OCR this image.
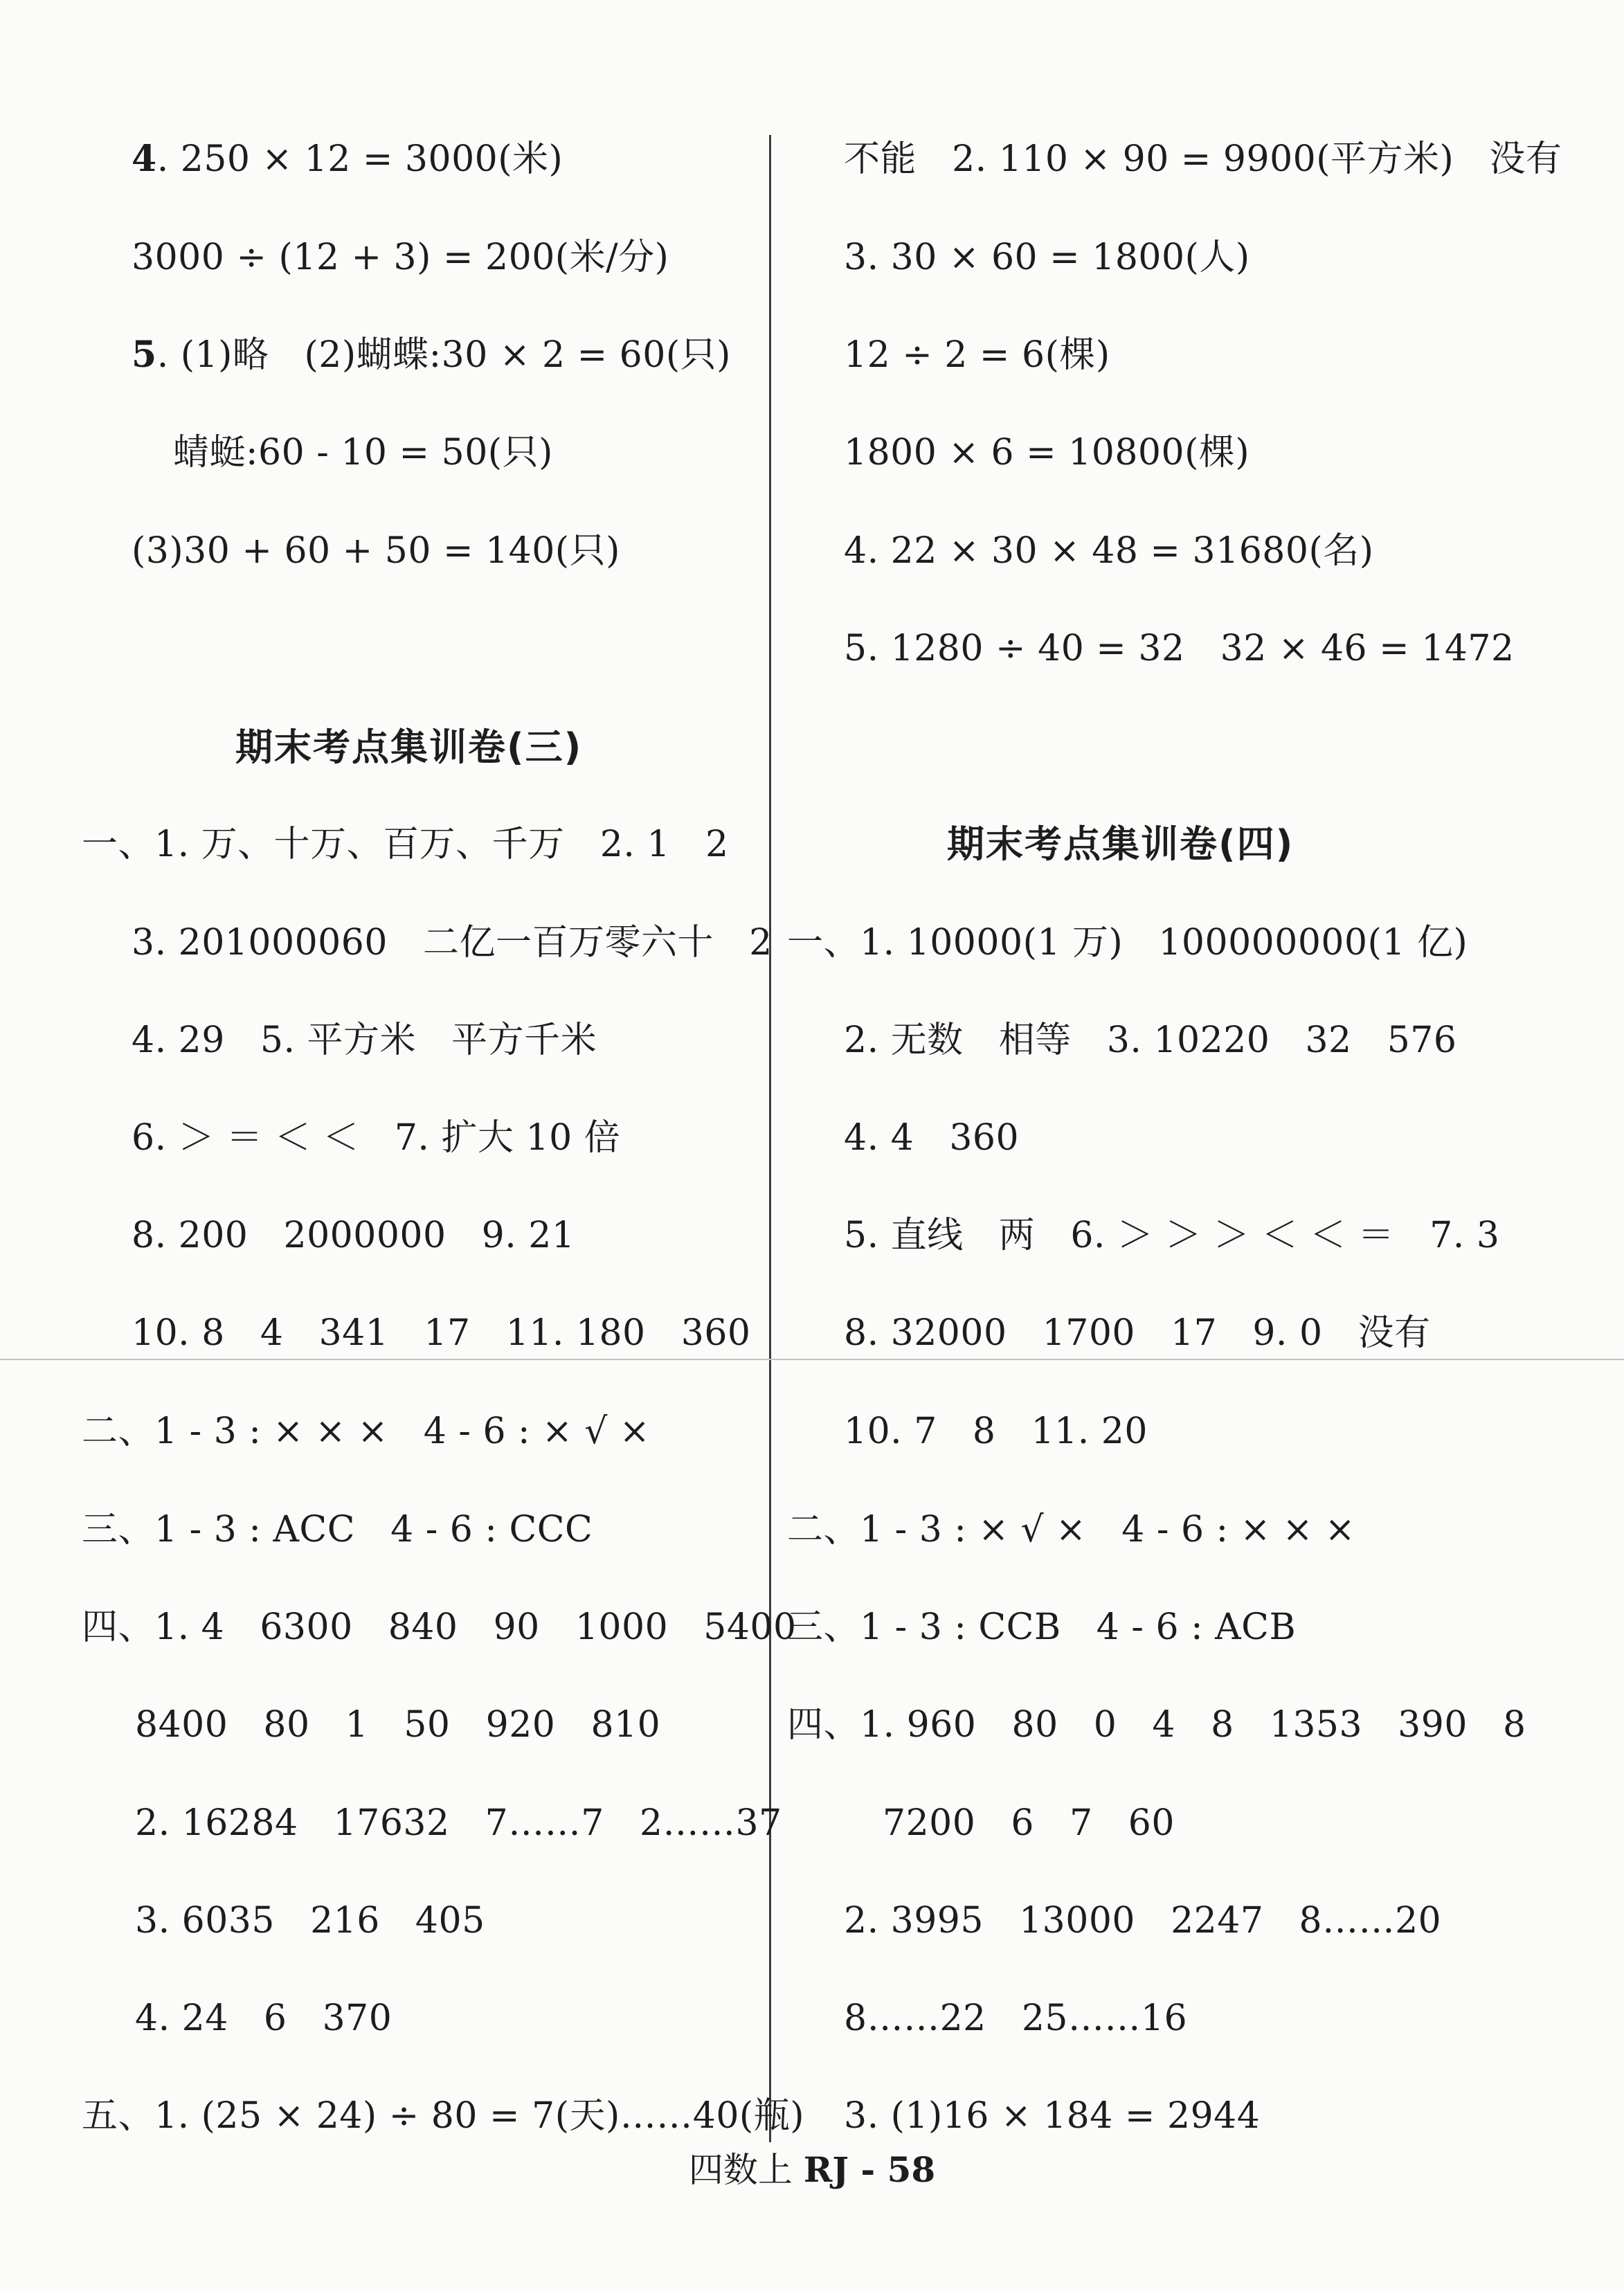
4. 250 × 12 = 3000(米)
3000 ÷ (12 + 3) = 200(米/分)
5. (1)略   (2)蝴蝶:30 × 2 = 60(只)
蜻蜓:60 - 10 = 50(只)
(3)30 + 60 + 50 = 140(只)
期末考点集训卷(三)
一、1. 万、十万、百万、千万   2. 1   2
3. 201000060   二亿一百万零六十   2
4. 29   5. 平方米   平方千米
6. ＞ ＝ ＜ ＜   7. 扩大 10 倍
8. 200   2000000   9. 21
10. 8   4   341   17   11. 180   360
二、1 - 3 : × × ×   4 - 6 : × √ ×
三、1 - 3 : ACC   4 - 6 : CCC
四、1. 4   6300   840   90   1000   5400
8400   80   1   50   920   810
2. 16284   17632   7……7   2……37
3. 6035   216   405
4. 24   6   370
五、1. (25 × 24) ÷ 80 = 7(天)……40(瓶)
不能   2. 110 × 90 = 9900(平方米)   没有
3. 30 × 60 = 1800(人)
12 ÷ 2 = 6(棵)
1800 × 6 = 10800(棵)
4. 22 × 30 × 48 = 31680(名)
5. 1280 ÷ 40 = 32   32 × 46 = 1472
期末考点集训卷(四)
一、1. 10000(1 万)   100000000(1 亿)
2. 无数   相等   3. 10220   32   576
4. 4   360
5. 直线   两   6. ＞ ＞ ＞ ＜ ＜ ＝   7. 3
8. 32000   1700   17   9. 0   没有
10. 7   8   11. 20
二、1 - 3 : × √ ×   4 - 6 : × × ×
三、1 - 3 : CCB   4 - 6 : ACB
四、1. 960   80   0   4   8   1353   390   8
7200   6   7   60
2. 3995   13000   2247   8……20
8……22   25……16
3. (1)16 × 184 = 2944
四数上 RJ - 58
